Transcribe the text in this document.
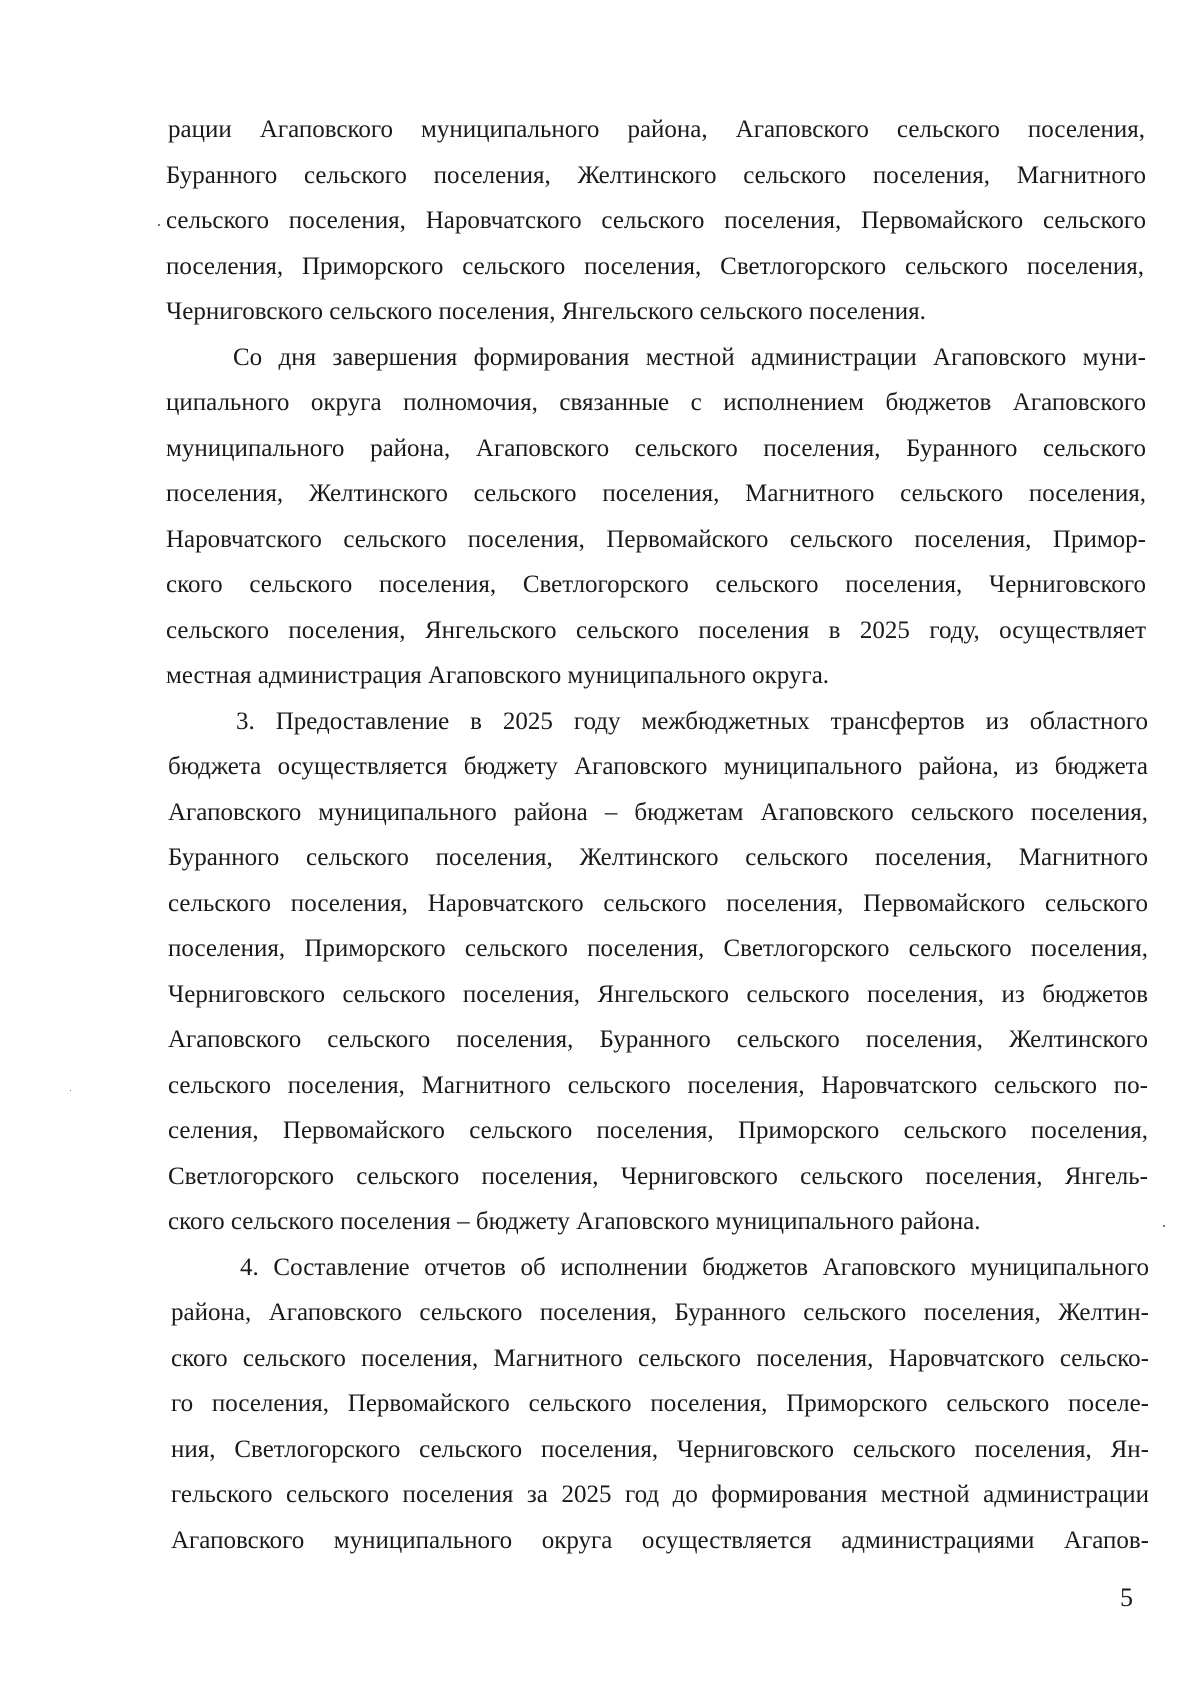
рации Агаповского муниципального района, Агаповского сельского поселения,
Буранного сельского поселения, Желтинского сельского поселения, Магнитного
сельского поселения, Наровчатского сельского поселения, Первомайского сельского
поселения, Приморского сельского поселения, Светлогорского сельского поселения,
Черниговского сельского поселения, Янгельского сельского поселения.
Со дня завершения формирования местной администрации Агаповского муни-
ципального округа полномочия, связанные с исполнением бюджетов Агаповского
муниципального района, Агаповского сельского поселения, Буранного сельского
поселения, Желтинского сельского поселения, Магнитного сельского поселения,
Наровчатского сельского поселения, Первомайского сельского поселения, Примор-
ского сельского поселения, Светлогорского сельского поселения, Черниговского
сельского поселения, Янгельского сельского поселения в 2025 году, осуществляет
местная администрация Агаповского муниципального округа.
3. Предоставление в 2025 году межбюджетных трансфертов из областного
бюджета осуществляется бюджету Агаповского муниципального района, из бюджета
Агаповского муниципального района – бюджетам Агаповского сельского поселения,
Буранного сельского поселения, Желтинского сельского поселения, Магнитного
сельского поселения, Наровчатского сельского поселения, Первомайского сельского
поселения, Приморского сельского поселения, Светлогорского сельского поселения,
Черниговского сельского поселения, Янгельского сельского поселения, из бюджетов
Агаповского сельского поселения, Буранного сельского поселения, Желтинского
сельского поселения, Магнитного сельского поселения, Наровчатского сельского по-
селения, Первомайского сельского поселения, Приморского сельского поселения,
Светлогорского сельского поселения, Черниговского сельского поселения, Янгель-
ского сельского поселения – бюджету Агаповского муниципального района.
4. Составление отчетов об исполнении бюджетов Агаповского муниципального
района, Агаповского сельского поселения, Буранного сельского поселения, Желтин-
ского сельского поселения, Магнитного сельского поселения, Наровчатского сельско-
го поселения, Первомайского сельского поселения, Приморского сельского поселе-
ния, Светлогорского сельского поселения, Черниговского сельского поселения, Ян-
гельского сельского поселения за 2025 год до формирования местной администрации
Агаповского муниципального округа осуществляется администрациями Агапов-
5
